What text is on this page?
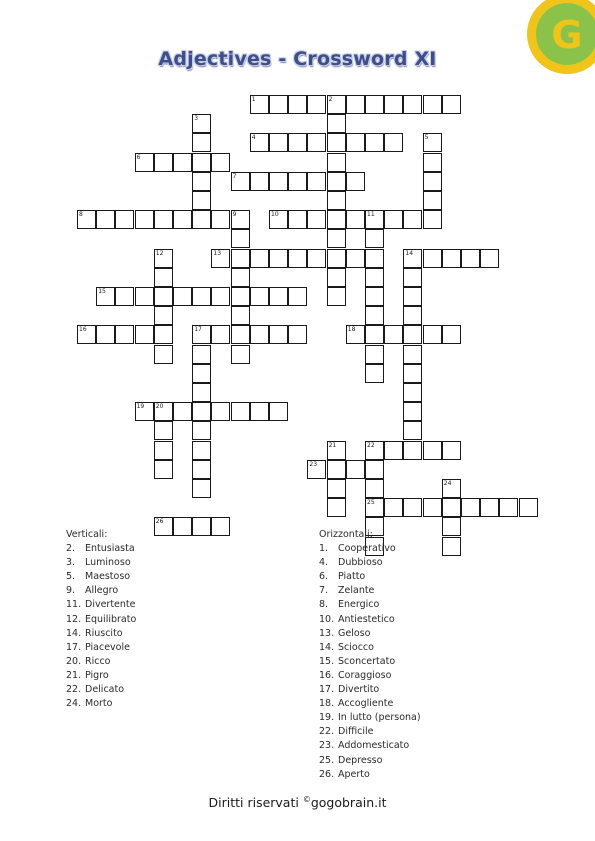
G
Adjectives - Crossword XI
1	2
3
4	5
6
7
8	9	10	11
12	13	14
15
16	17	18
19 20
21	22
25
23
24
26
Verticali:
2.	Entusiasta
3.	Luminoso
5.	Maestoso
9.	Allegro
11. Divertente
12. Equilibrato
14. Riuscito
17. Piacevole
20. Ricco
21. Pigro
22. Delicato
24. Morto
Orizzontali:
1.	Cooperativo
4.	Dubbioso
6.	Piatto
7.	Zelante
8.	Energico
10. Antiestetico
13. Geloso
14. Sciocco
15. Sconcertato
16. Coraggioso
17. Divertito
18. Accogliente
19. In lutto (persona)
22. Difficile
23. Addomesticato
25. Depresso
26. Aperto
Diritti riservati ©gogobrain.it
